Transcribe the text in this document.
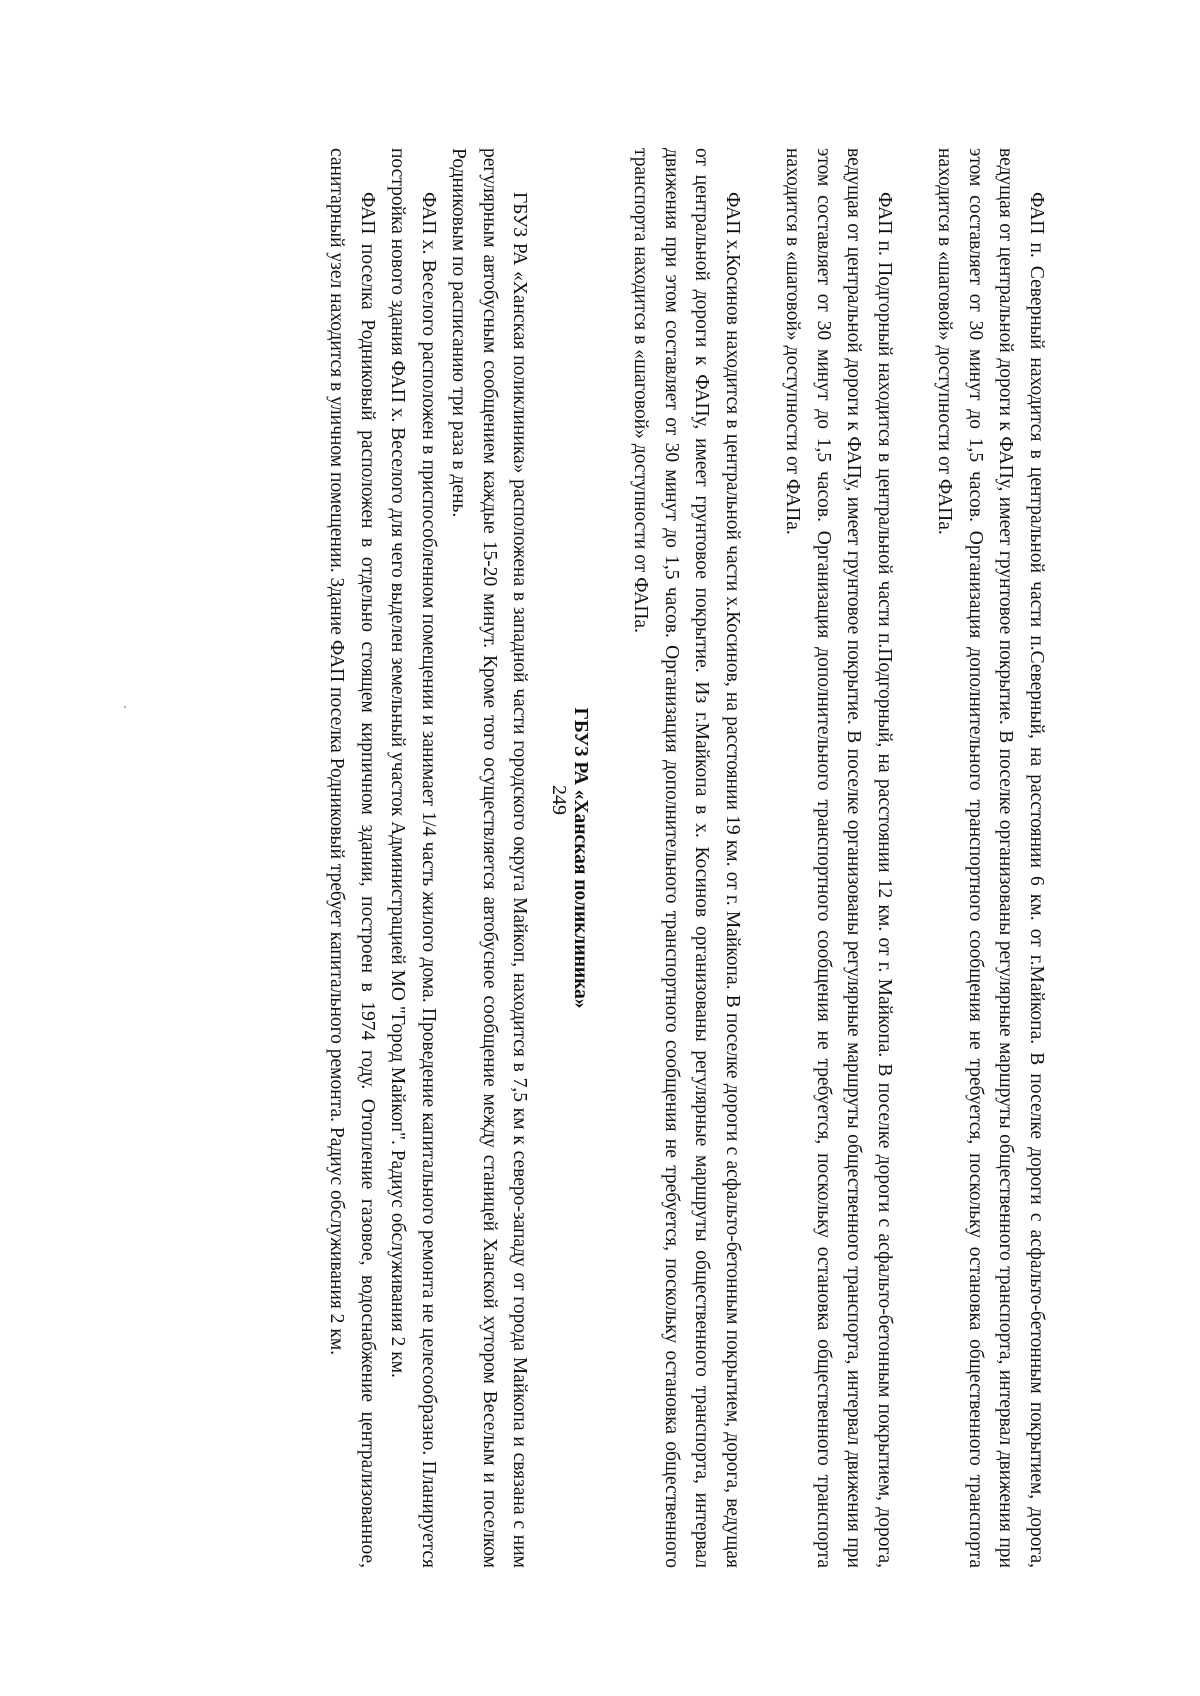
249	ФАП п. Северный находится в центральной части п.Северный, на расстоянии 6 км. от г.Майкопа. В поселке дороги с асфальто-бетонным покрытием, дорога, ведущая от центральной дороги к ФАПу, имеет грунтовое покрытие. В поселке организованы регулярные маршруты общественного транспорта, интервал движения при этом составляет от 30 минут до 1,5 часов. Организация дополнительного транспортного сообщения не требуется, поскольку остановка общественного транспорта находится в «шаговой» доступности от ФАПа.

ФАП п. Подгорный находится в центральной части п.Подгорный, на расстоянии 12 км. от г. Майкопа. В поселке дороги с асфальто-бетонным покрытием, дорога, ведущая от центральной дороги к ФАПу, имеет грунтовое покрытие. В поселке организованы регулярные маршруты общественного транспорта, интервал движения при этом составляет от 30 минут до 1,5 часов. Организация дополнительного транспортного сообщения не требуется, поскольку остановка общественного транспорта находится в «шаговой» доступности от ФАПа.

ФАП х.Косинов находится в центральной части х.Косинов, на расстоянии 19 км. от г. Майкопа. В поселке дороги с асфальто-бетонным покрытием, дорога, ведущая от центральной дороги к ФАПу, имеет грунтовое покрытие. Из г.Майкопа в х. Косинов организованы регулярные маршруты общественного транспорта, интервал движения при этом составляет от 30 минут до 1,5 часов. Организация дополнительного транспортного сообщения не требуется, поскольку остановка общественного транспорта находится в «шаговой» доступности от ФАПа.

ГБУЗ РА «Ханская поликлиника»

ГБУЗ РА «Ханская поликлиника» расположена в западной части городского округа Майкоп, находится в 7,5 км к северо-западу от города Майкопа и связана с ним регулярным автобусным сообщением каждые 15-20 минут. Кроме того осуществляется автобусное сообщение между станицей Ханской хутором Веселым и поселком Родниковым по расписанию три раза в день.

ФАП х. Веселого расположен в приспособленном помещении и занимает 1/4 часть жилого дома. Проведение капитального ремонта не целесообразно. Планируется постройка нового здания ФАП х. Веселого для чего выделен земельный участок Администрацией МО "Город Майкоп". Радиус обслуживания 2 км.

ФАП поселка Родниковый расположен в отдельно стоящем кирпичном здании, построен в 1974 году. Отопление газовое, водоснабжение централизованное, санитарный узел находится в уличном помещении. Здание ФАП поселка Родниковый требует капитального ремонта. Радиус обслуживания 2 км.
